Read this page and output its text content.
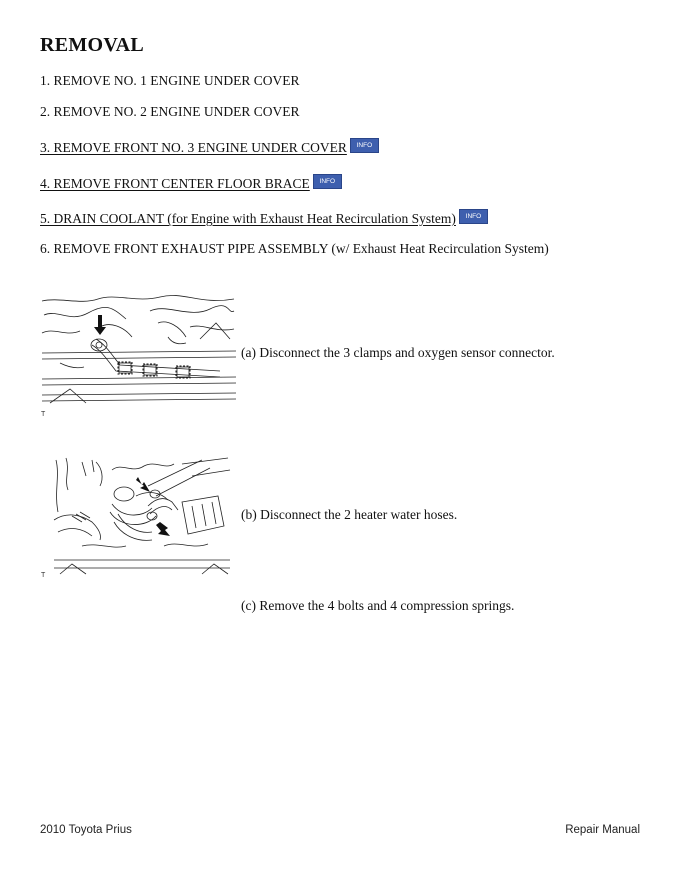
REMOVAL
1. REMOVE NO. 1 ENGINE UNDER COVER
2. REMOVE NO. 2 ENGINE UNDER COVER
3. REMOVE FRONT NO. 3 ENGINE UNDER COVER INFO
4. REMOVE FRONT CENTER FLOOR BRACE INFO
5. DRAIN COOLANT (for Engine with Exhaust Heat Recirculation System) INFO
6. REMOVE FRONT EXHAUST PIPE ASSEMBLY (w/ Exhaust Heat Recirculation System)
T
(a) Disconnect the 3 clamps and oxygen sensor connector.
T
(b) Disconnect the 2 heater water hoses.
(c) Remove the 4 bolts and 4 compression springs.
2010 Toyota Prius	Repair Manual
